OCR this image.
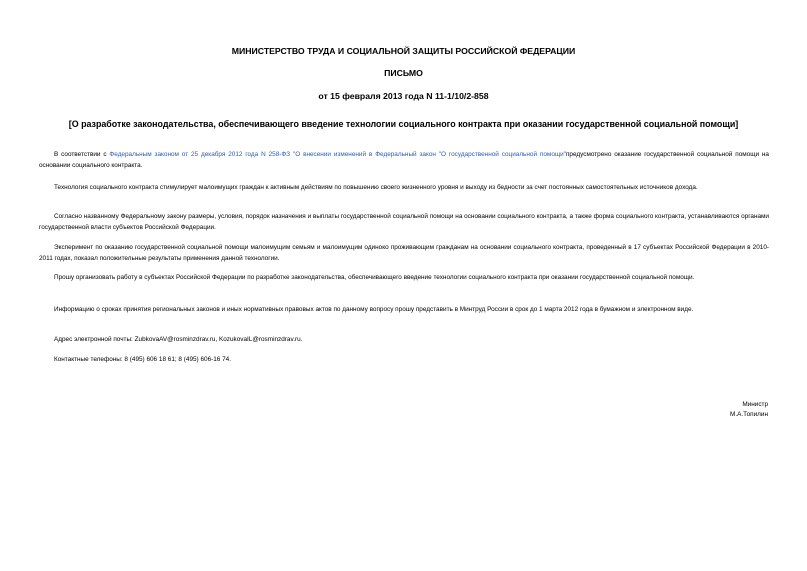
МИНИСТЕРСТВО ТРУДА И СОЦИАЛЬНОЙ ЗАЩИТЫ РОССИЙСКОЙ ФЕДЕРАЦИИ
ПИСЬМО
от 15 февраля 2013 года N 11-1/10/2-858
[О разработке законодательства, обеспечивающего введение технологии социального контракта при оказании государственной социальной помощи]

В соответствии с Федеральным законом от 25 декабря 2012 года N 258-ФЗ "О внесении изменений в Федеральный закон "О государственной социальной помощи"предусмотрено оказание государственной социальной помощи на основании социального контракта.

Технология социального контракта стимулирует малоимущих граждан к активным действиям по повышению своего жизненного уровня и выходу из бедности за счет постоянных самостоятельных источников дохода.

Согласно названному Федеральному закону размеры, условия, порядок назначения и выплаты государственной социальной помощи на основании социального контракта, а также форма социального контракта, устанавливаются органами государственной власти субъектов Российской Федерации.

Эксперимент по оказанию государственной социальной помощи малоимущим семьям и малоимущим одиноко проживающим гражданам на основании социального контракта, проведенный в 17 субъектах Российской Федерации в 2010-2011 годах, показал положительные результаты применения данной технологии.

Прошу организовать работу в субъектах Российской Федерации по разработке законодательства, обеспечивающего введение технологии социального контракта при оказании государственной социальной помощи.

Информацию о сроках принятия региональных законов и иных нормативных правовых актов по данному вопросу прошу представить в Минтруд России в срок до 1 марта 2012 года в бумажном и электронном виде.

Адрес электронной почты: ZubkovaAV@rosminzdrav.ru, KozukovaIL@rosminzdrav.ru.

Контактные телефоны: 8 (495) 606 18 61; 8 (495) 606-16 74.

Министр

М.А.Топилин
